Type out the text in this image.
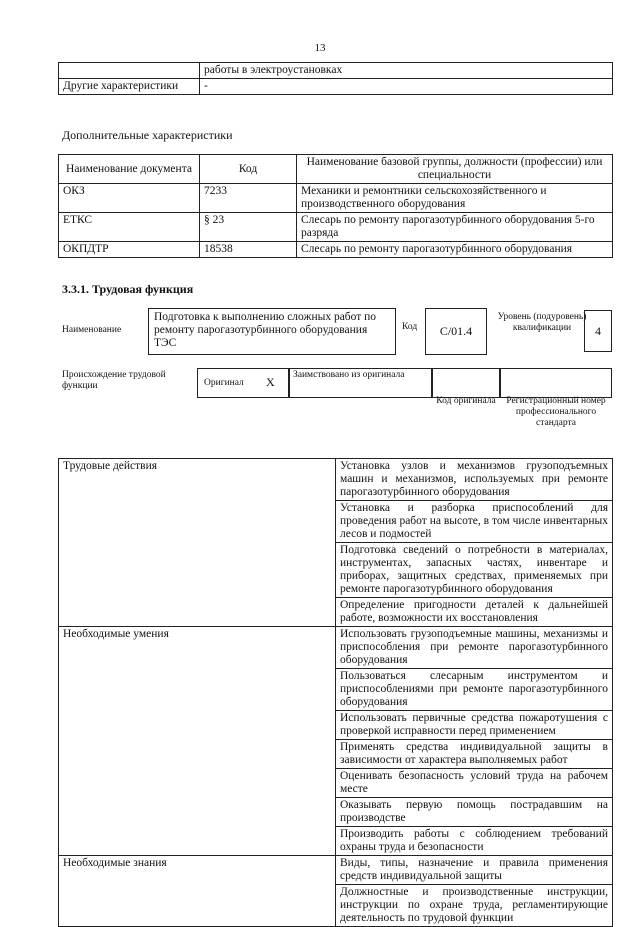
13
	работы в электроустановках
Другие характеристики	-
Дополнительные характеристики
Наименование документа	Код	Наименование базовой группы, должности (профессии) или специальности
ОКЗ	7233	Механики и ремонтники сельскохозяйственного и производственного оборудования
ЕТКС	§ 23	Слесарь по ремонту парогазотурбинного оборудования 5-го разряда
ОКПДТР	18538	Слесарь по ремонту парогазотурбинного оборудования
3.3.1. Трудовая функция
Наименование
Подготовка к выполнению сложных работ по ремонту парогазотурбинного оборудования ТЭС
Код	С/01.4
Уровень (подуровень) квалификации	4
Происхождение трудовой функции	Оригинал X Заимствовано из оригинала
Код оригинала	Регистрационный номер профессионального стандарта
Трудовые действия	Установка узлов и механизмов грузоподъемных машин и механизмов, используемых при ремонте парогазотурбинного оборудования
	Установка и разборка приспособлений для проведения работ на высоте, в том числе инвентарных лесов и подмостей
	Подготовка сведений о потребности в материалах, инструментах, запасных частях, инвентаре и приборах, защитных средствах, применяемых при ремонте парогазотурбинного оборудования
	Определение пригодности деталей к дальнейшей работе, возможности их восстановления
Необходимые умения	Использовать грузоподъемные машины, механизмы и приспособления при ремонте парогазотурбинного оборудования
	Пользоваться слесарным инструментом и приспособлениями при ремонте парогазотурбинного оборудования
	Использовать первичные средства пожаротушения с проверкой исправности перед применением
	Применять средства индивидуальной защиты в зависимости от характера выполняемых работ
	Оценивать безопасность условий труда на рабочем месте
	Оказывать первую помощь пострадавшим на производстве
	Производить работы с соблюдением требований охраны труда и безопасности
Необходимые знания	Виды, типы, назначение и правила применения средств индивидуальной защиты
	Должностные и производственные инструкции, инструкции по охране труда, регламентирующие деятельность по трудовой функции
